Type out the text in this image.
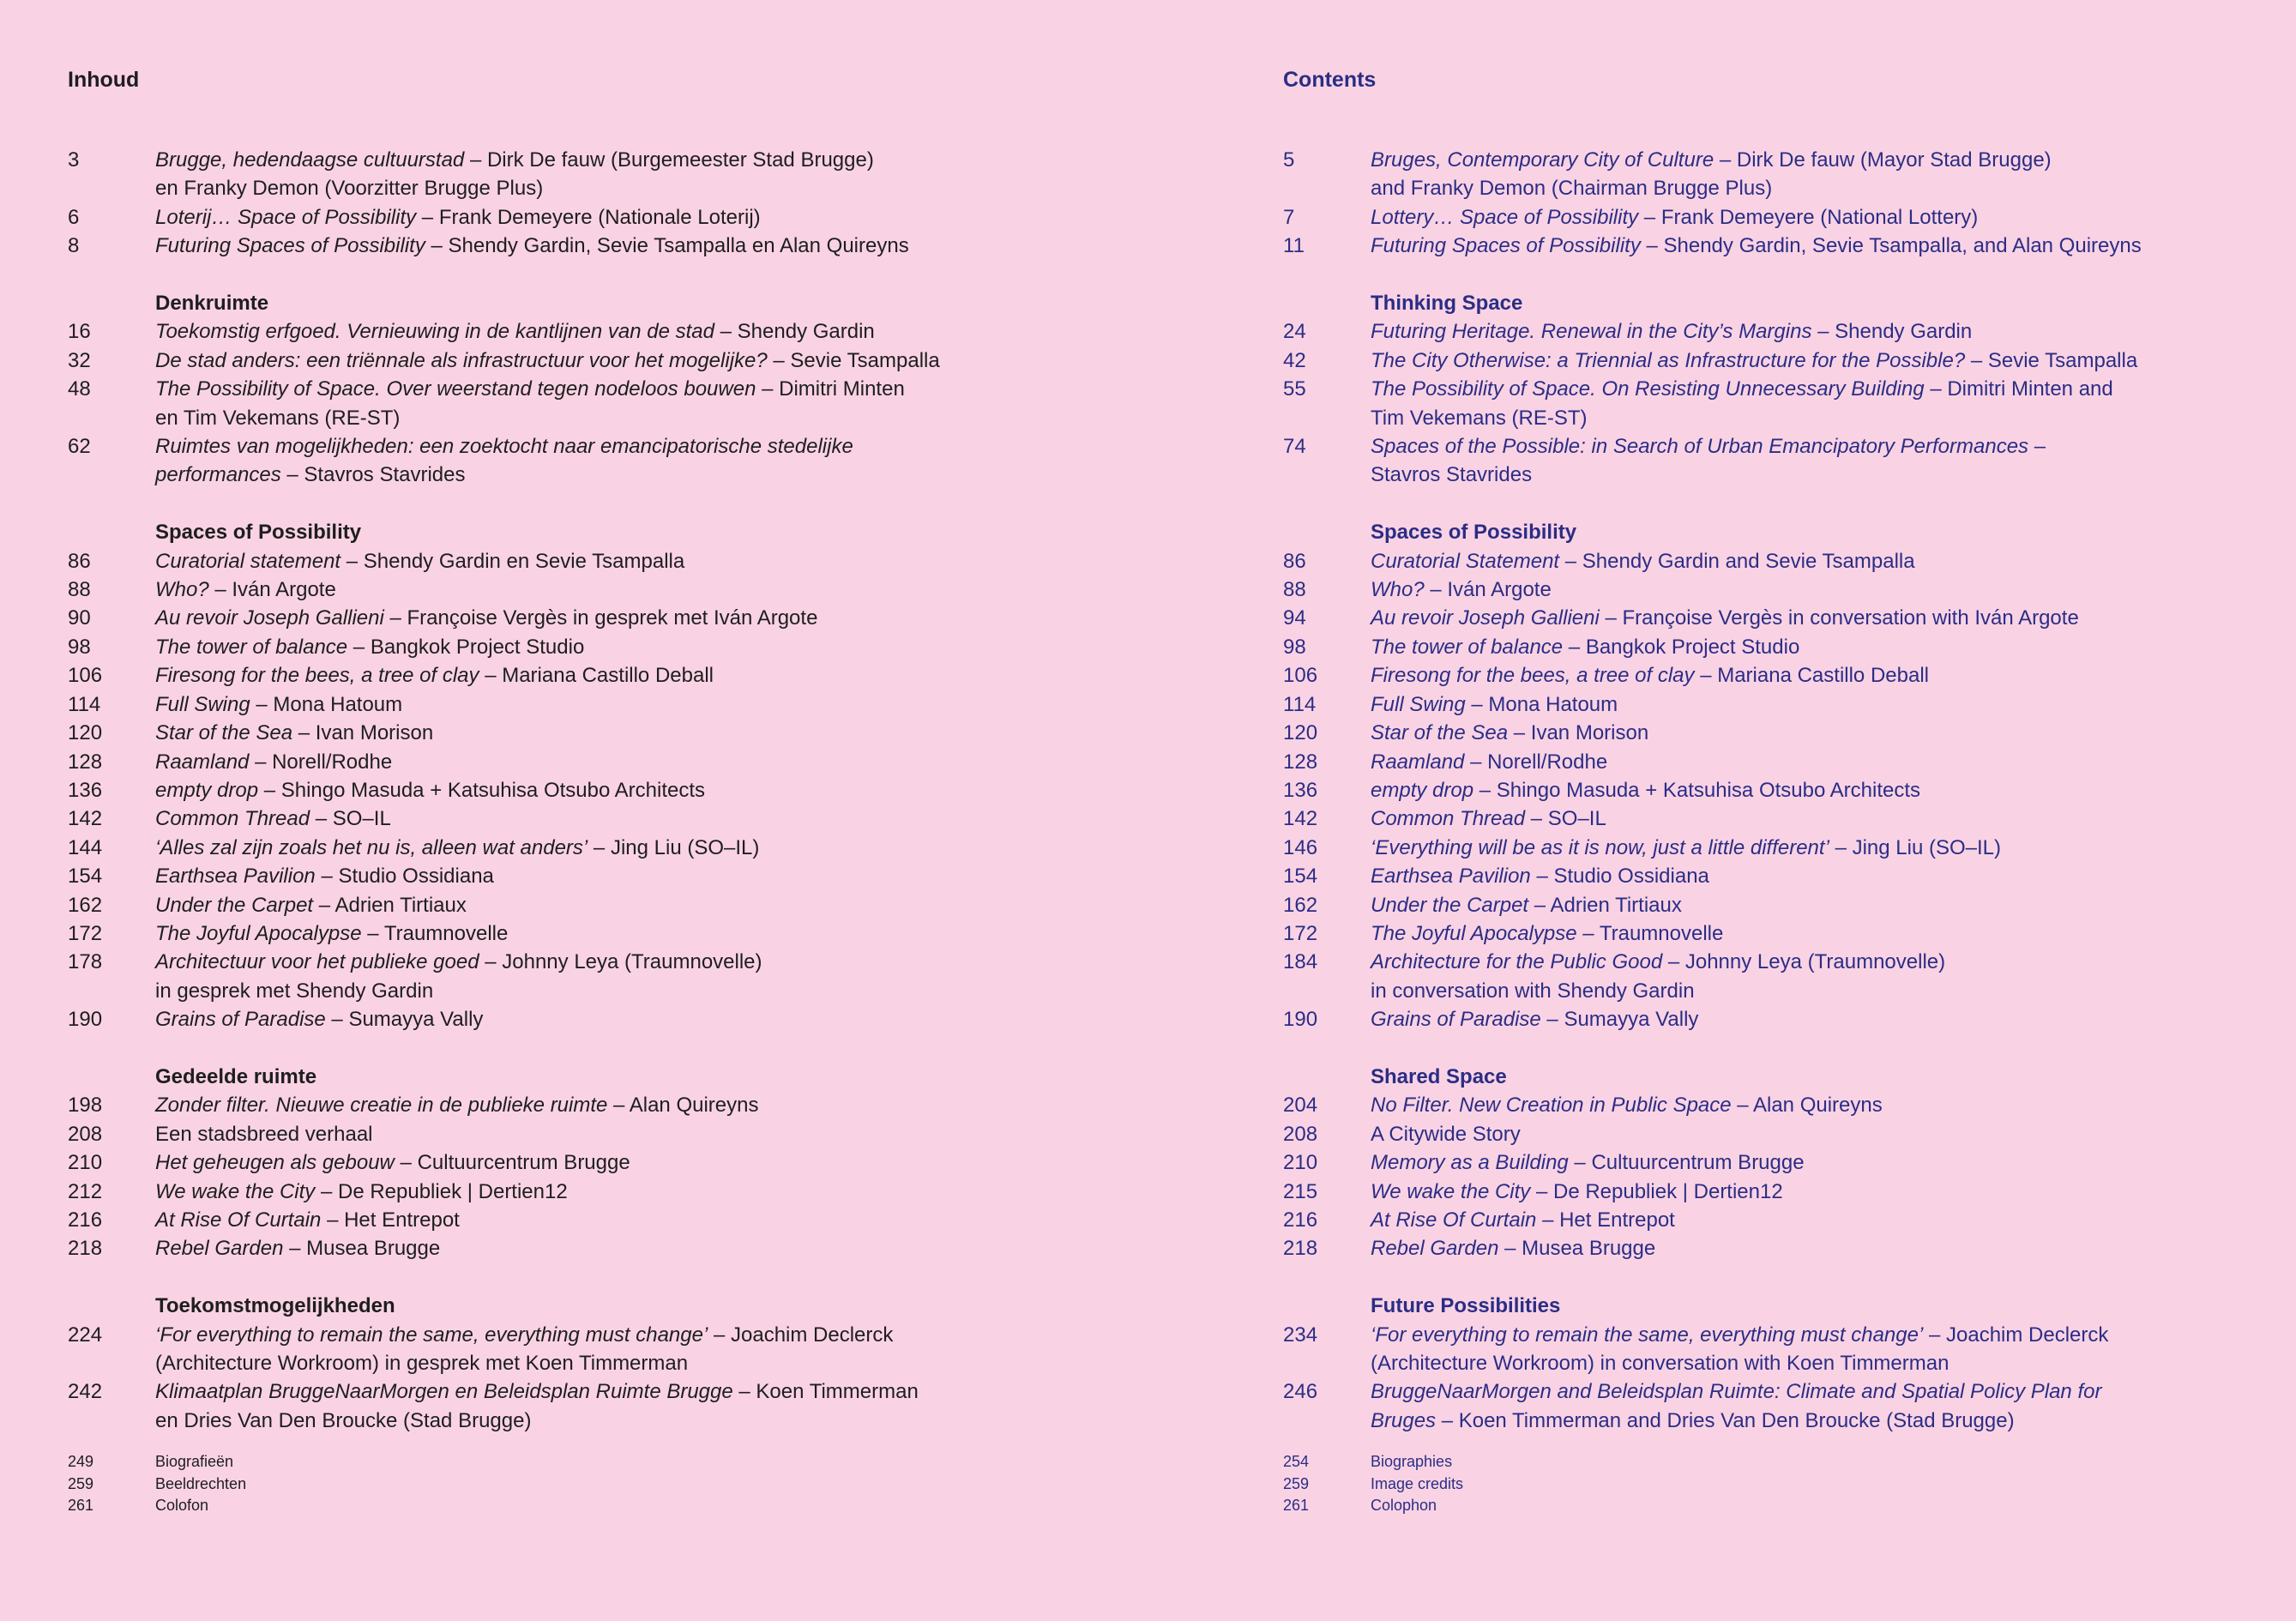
Inhoud
3	Brugge, hedendaagse cultuurstad – Dirk De fauw (Burgemeester Stad Brugge)
en Franky Demon (Voorzitter Brugge Plus)
6	Loterij… Space of Possibility – Frank Demeyere (Nationale Loterij)
8	Futuring Spaces of Possibility – Shendy Gardin, Sevie Tsampalla en Alan Quireyns
Denkruimte
16	Toekomstig erfgoed. Vernieuwing in de kantlijnen van de stad – Shendy Gardin
32	De stad anders: een triënnale als infrastructuur voor het mogelijke? – Sevie Tsampalla
48	The Possibility of Space. Over weerstand tegen nodeloos bouwen – Dimitri Minten
en Tim Vekemans (RE-ST)
62	Ruimtes van mogelijkheden: een zoektocht naar emancipatorische stedelijke
performances – Stavros Stavrides
Spaces of Possibility
86	Curatorial statement – Shendy Gardin en Sevie Tsampalla
88	Who? – Iván Argote
90	Au revoir Joseph Gallieni – Françoise Vergès in gesprek met Iván Argote
98	The tower of balance – Bangkok Project Studio
106	Firesong for the bees, a tree of clay – Mariana Castillo Deball
114	Full Swing – Mona Hatoum
120	Star of the Sea – Ivan Morison
128	Raamland – Norell/Rodhe
136	empty drop – Shingo Masuda + Katsuhisa Otsubo Architects
142	Common Thread – SO–IL
144	‘Alles zal zijn zoals het nu is, alleen wat anders’ – Jing Liu (SO–IL)
154	Earthsea Pavilion – Studio Ossidiana
162	Under the Carpet – Adrien Tirtiaux
172	The Joyful Apocalypse – Traumnovelle
178	Architectuur voor het publieke goed – Johnny Leya (Traumnovelle)
in gesprek met Shendy Gardin
190	Grains of Paradise – Sumayya Vally
Gedeelde ruimte
198	Zonder filter. Nieuwe creatie in de publieke ruimte – Alan Quireyns
208	Een stadsbreed verhaal
210	Het geheugen als gebouw – Cultuurcentrum Brugge
212	We wake the City – De Republiek | Dertien12
216	At Rise Of Curtain – Het Entrepot
218	Rebel Garden – Musea Brugge
Toekomstmogelijkheden
224	‘For everything to remain the same, everything must change’ – Joachim Declerck
(Architecture Workroom) in gesprek met Koen Timmerman
242	Klimaatplan BruggeNaarMorgen en Beleidsplan Ruimte Brugge – Koen Timmerman
en Dries Van Den Broucke (Stad Brugge)
249	Biografieën
259	Beeldrechten
261	Colofon
Contents
5	Bruges, Contemporary City of Culture – Dirk De fauw (Mayor Stad Brugge)
and Franky Demon (Chairman Brugge Plus)
7	Lottery… Space of Possibility – Frank Demeyere (National Lottery)
11	Futuring Spaces of Possibility – Shendy Gardin, Sevie Tsampalla, and Alan Quireyns
Thinking Space
24	Futuring Heritage. Renewal in the City’s Margins – Shendy Gardin
42	The City Otherwise: a Triennial as Infrastructure for the Possible? – Sevie Tsampalla
55	The Possibility of Space. On Resisting Unnecessary Building – Dimitri Minten and
Tim Vekemans (RE-ST)
74	Spaces of the Possible: in Search of Urban Emancipatory Performances –
Stavros Stavrides
Spaces of Possibility
86	Curatorial Statement – Shendy Gardin and Sevie Tsampalla
88	Who? – Iván Argote
94	Au revoir Joseph Gallieni – Françoise Vergès in conversation with Iván Argote
98	The tower of balance – Bangkok Project Studio
106	Firesong for the bees, a tree of clay – Mariana Castillo Deball
114	Full Swing – Mona Hatoum
120	Star of the Sea – Ivan Morison
128	Raamland – Norell/Rodhe
136	empty drop – Shingo Masuda + Katsuhisa Otsubo Architects
142	Common Thread – SO–IL
146	‘Everything will be as it is now, just a little different’ – Jing Liu (SO–IL)
154	Earthsea Pavilion – Studio Ossidiana
162	Under the Carpet – Adrien Tirtiaux
172	The Joyful Apocalypse – Traumnovelle
184	Architecture for the Public Good – Johnny Leya (Traumnovelle)
in conversation with Shendy Gardin
190	Grains of Paradise – Sumayya Vally
Shared Space
204	No Filter. New Creation in Public Space – Alan Quireyns
208	A Citywide Story
210	Memory as a Building – Cultuurcentrum Brugge
215	We wake the City – De Republiek | Dertien12
216	At Rise Of Curtain – Het Entrepot
218	Rebel Garden – Musea Brugge
Future Possibilities
234	‘For everything to remain the same, everything must change’ – Joachim Declerck
(Architecture Workroom) in conversation with Koen Timmerman
246	BruggeNaarMorgen and Beleidsplan Ruimte: Climate and Spatial Policy Plan for
Bruges – Koen Timmerman and Dries Van Den Broucke (Stad Brugge)
254	Biographies
259	Image credits
261	Colophon
